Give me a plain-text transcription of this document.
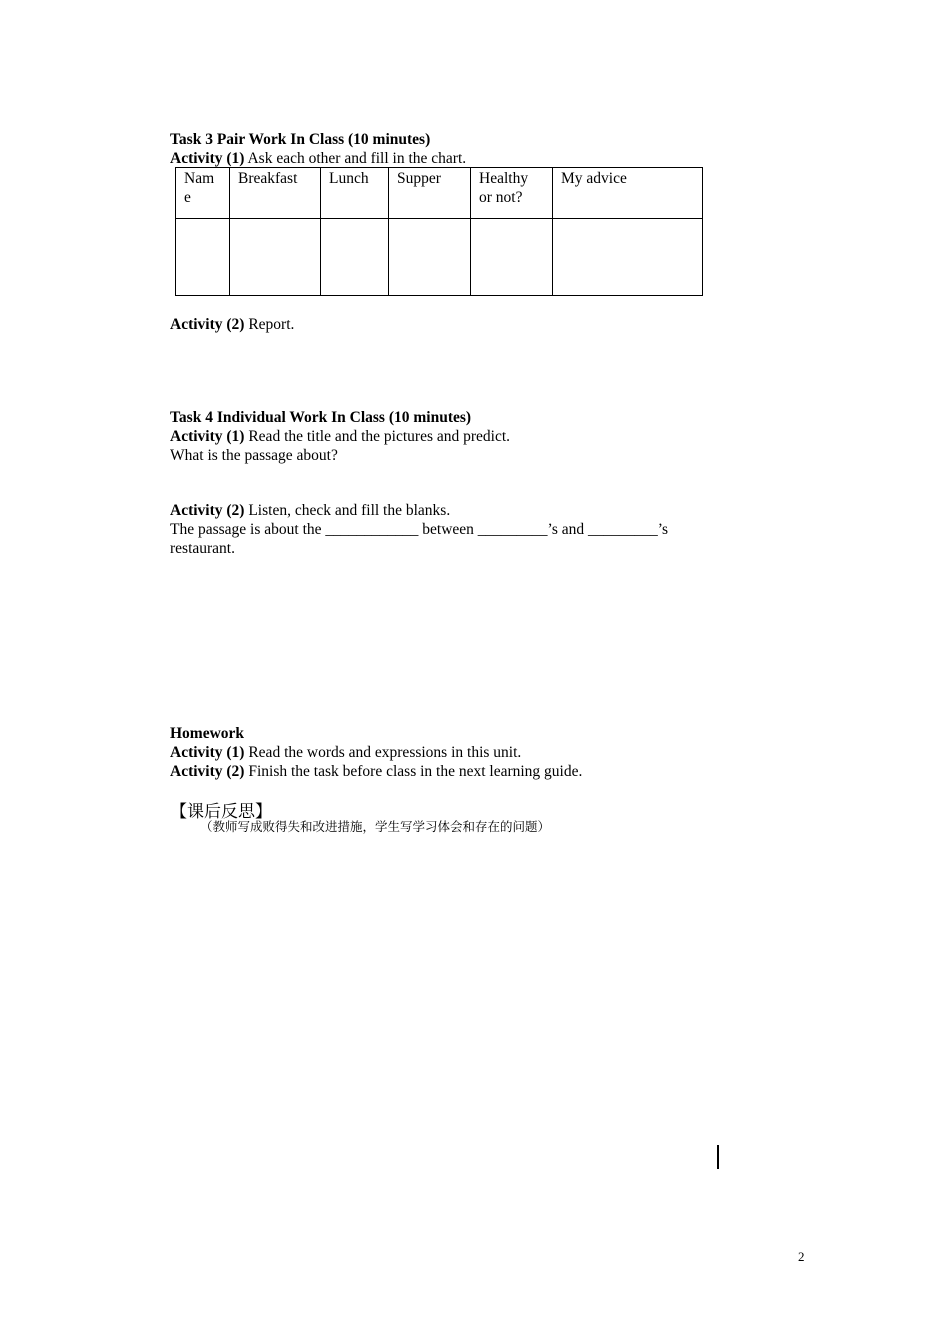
Task 3 Pair Work In Class (10 minutes)
Activity (1) Ask each other and fill in the chart.
Nam e	Breakfast	Lunch	Supper	Healthy or not?	My advice

Activity (2) Report.
Task 4 Individual Work In Class (10 minutes)
Activity (1) Read the title and the pictures and predict.
What is the passage about?
Activity (2) Listen, check and fill the blanks.
The passage is about the ____________ between _________’s and _________’s
restaurant.
Homework
Activity (1) Read the words and expressions in this unit.
Activity (2) Finish the task before class in the next learning guide.
【课后反思】
（教师写成败得失和改进措施，学生写学习体会和存在的问题）
2
